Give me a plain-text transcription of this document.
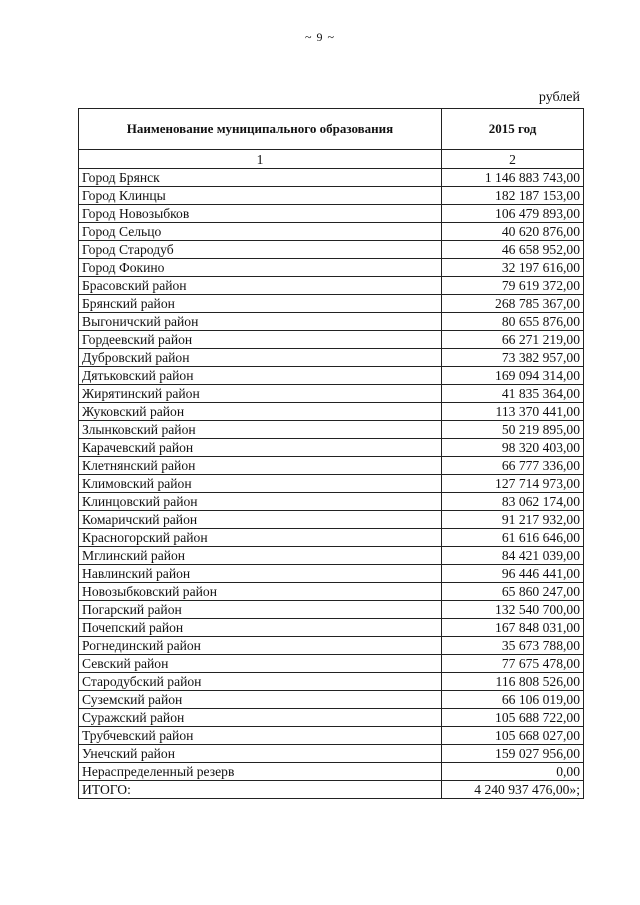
~ 9 ~
рублей
Наименование муниципального образования	2015 год
1	2
Город Брянск	1 146 883 743,00
Город Клинцы	182 187 153,00
Город Новозыбков	106 479 893,00
Город Сельцо	40 620 876,00
Город Стародуб	46 658 952,00
Город Фокино	32 197 616,00
Брасовский район	79 619 372,00
Брянский район	268 785 367,00
Выгоничский район	80 655 876,00
Гордеевский район	66 271 219,00
Дубровский район	73 382 957,00
Дятьковский район	169 094 314,00
Жирятинский район	41 835 364,00
Жуковский район	113 370 441,00
Злынковский район	50 219 895,00
Карачевский район	98 320 403,00
Клетнянский район	66 777 336,00
Климовский район	127 714 973,00
Клинцовский район	83 062 174,00
Комаричский район	91 217 932,00
Красногорский район	61 616 646,00
Мглинский район	84 421 039,00
Навлинский район	96 446 441,00
Новозыбковский район	65 860 247,00
Погарский район	132 540 700,00
Почепский район	167 848 031,00
Рогнединский район	35 673 788,00
Севский район	77 675 478,00
Стародубский район	116 808 526,00
Суземский район	66 106 019,00
Суражский район	105 688 722,00
Трубчевский район	105 668 027,00
Унечский район	159 027 956,00
Нераспределенный резерв	0,00
ИТОГО:	4 240 937 476,00»;
